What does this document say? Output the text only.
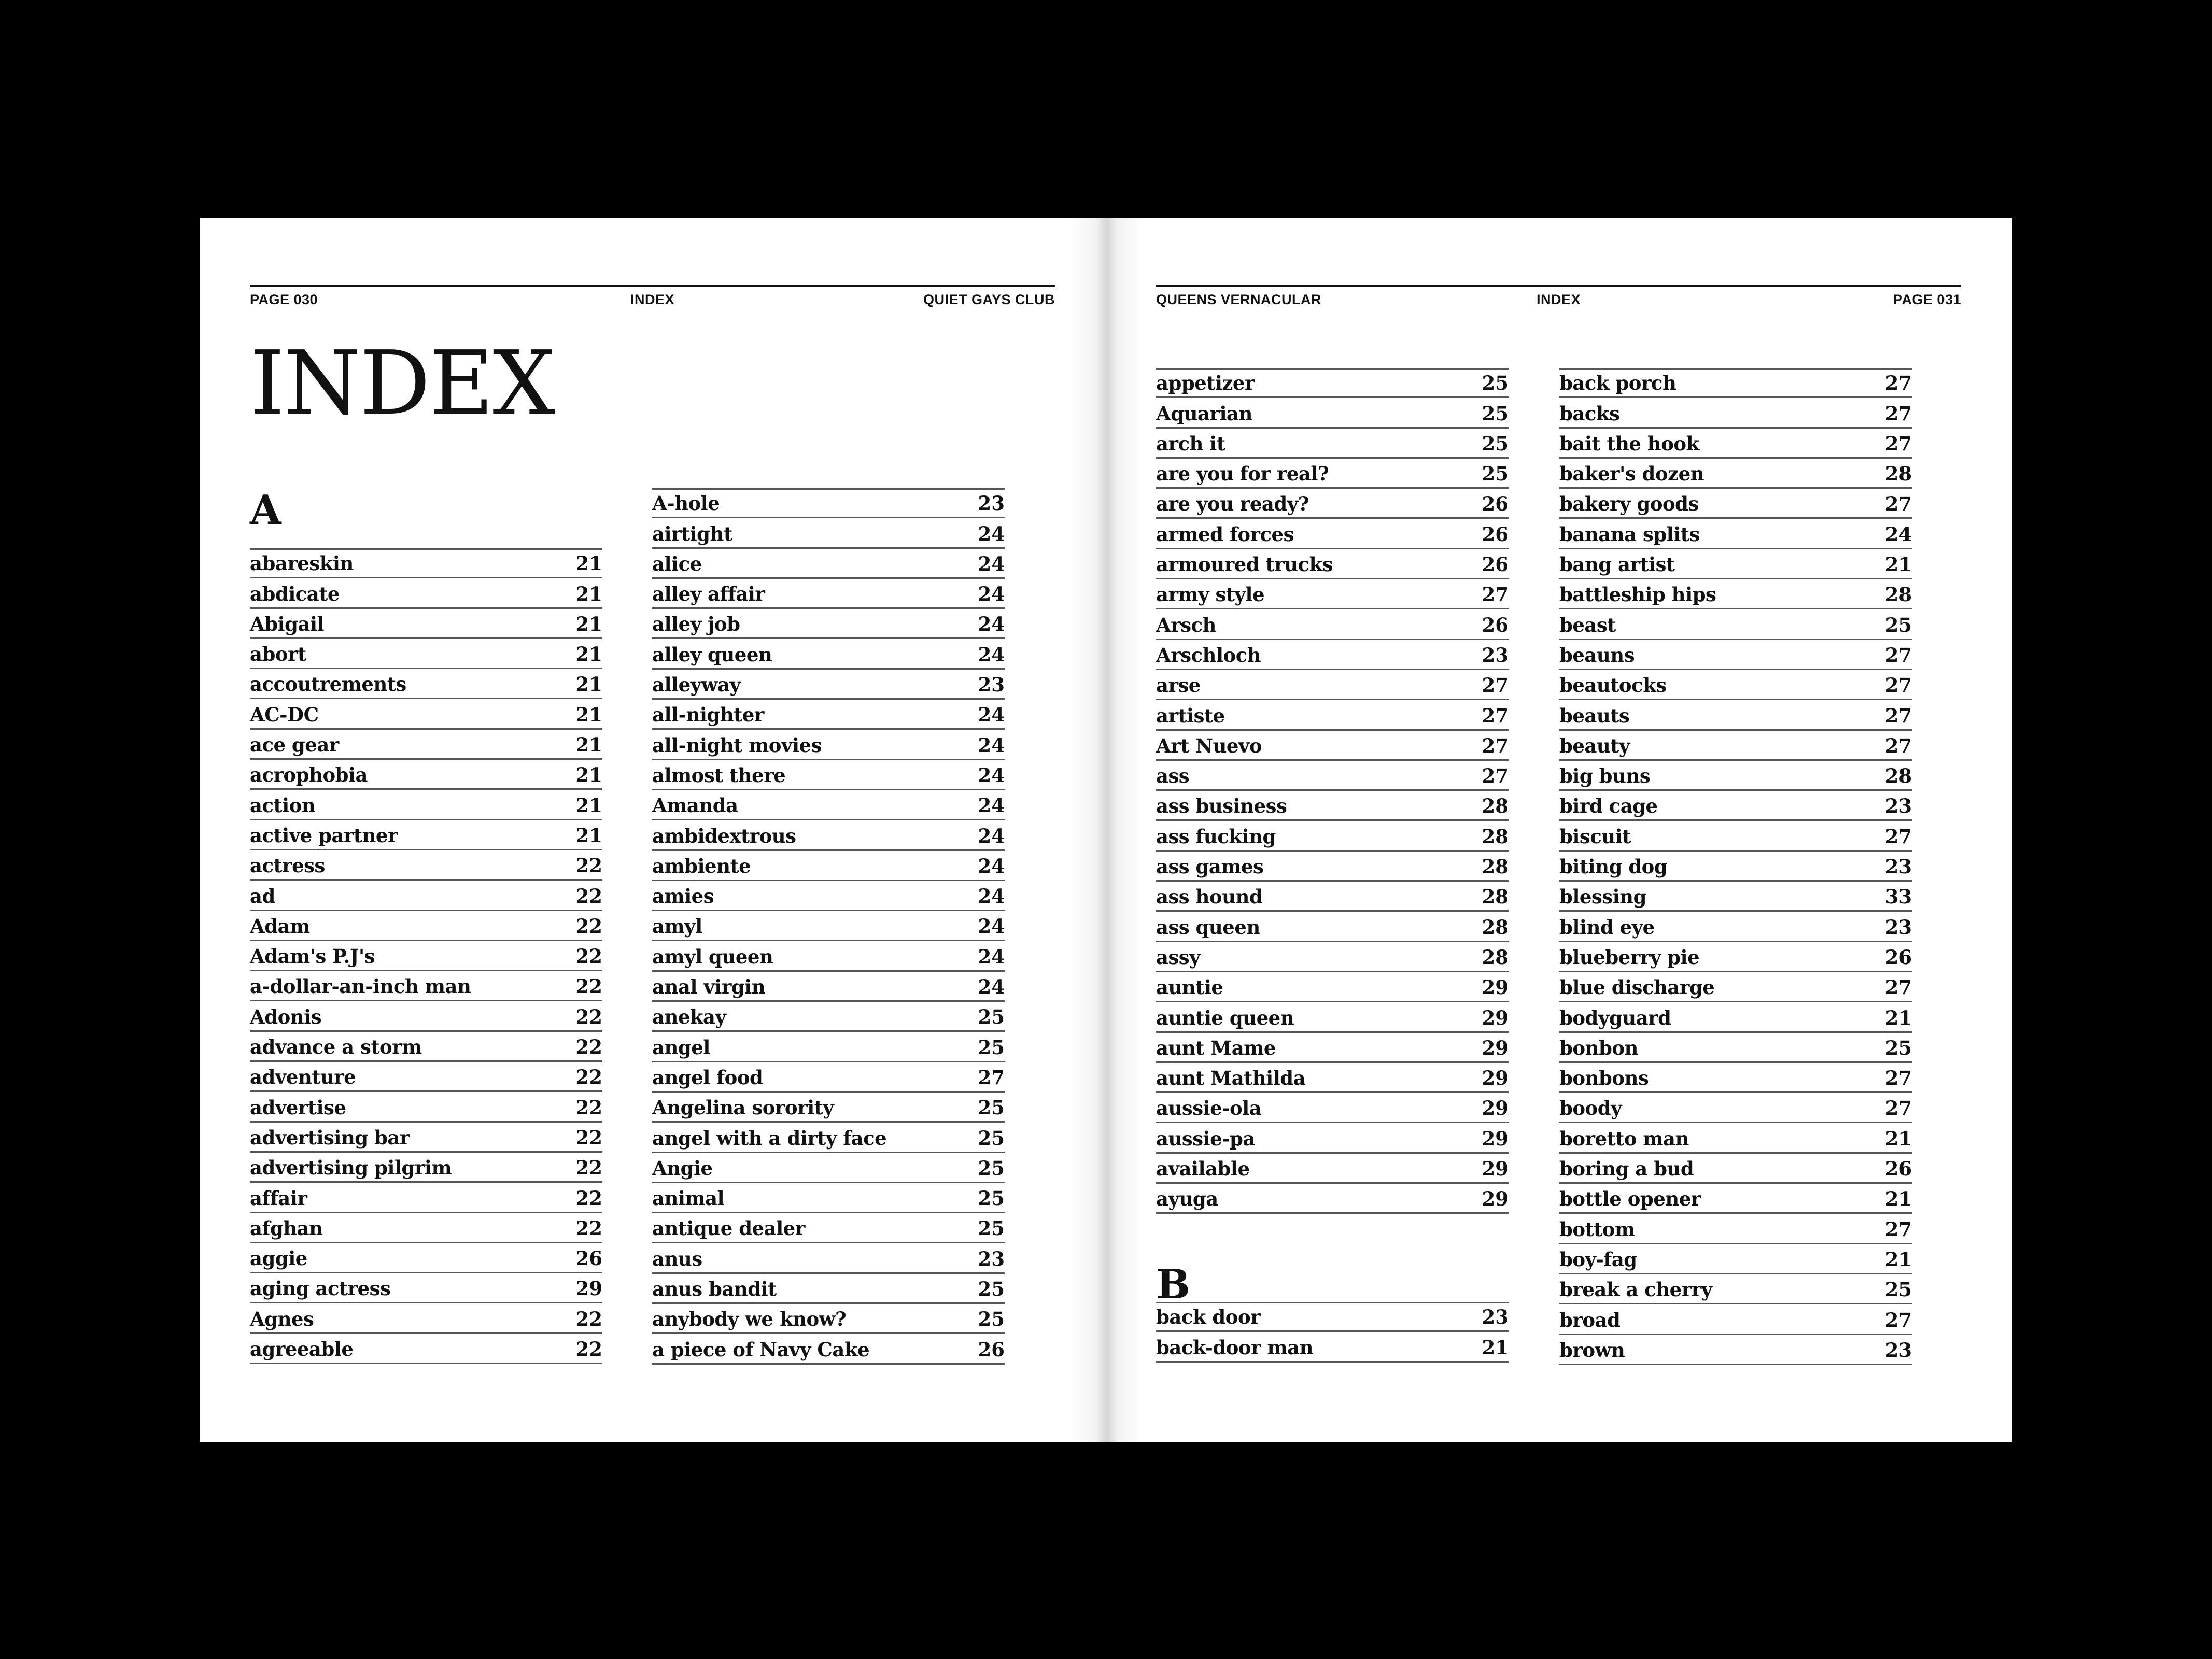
PAGE 030	INDEX	QUIET GAYS CLUB
INDEX
A
abareskin	21
abdicate	21
Abigail	21
abort	21
accoutrements	21
AC-DC	21
ace gear	21
acrophobia	21
action	21
active partner	21
actress	22
ad	22
Adam	22
Adam's P.J's	22
a-dollar-an-inch man	22
Adonis	22
advance a storm	22
adventure	22
advertise	22
advertising bar	22
advertising pilgrim	22
affair	22
afghan	22
aggie	26
aging actress	29
Agnes	22
agreeable	22
A-hole	23
airtight	24
alice	24
alley affair	24
alley job	24
alley queen	24
alleyway	23
all-nighter	24
all-night movies	24
almost there	24
Amanda	24
ambidextrous	24
ambiente	24
amies	24
amyl	24
amyl queen	24
anal virgin	24
anekay	25
angel	25
angel food	27
Angelina sorority	25
angel with a dirty face	25
Angie	25
animal	25
antique dealer	25
anus	23
anus bandit	25
anybody we know?	25
a piece of Navy Cake	26
QUEENS VERNACULAR	INDEX	PAGE 031
appetizer	25
Aquarian	25
arch it	25
are you for real?	25
are you ready?	26
armed forces	26
armoured trucks	26
army style	27
Arsch	26
Arschloch	23
arse	27
artiste	27
Art Nuevo	27
ass	27
ass business	28
ass fucking	28
ass games	28
ass hound	28
ass queen	28
assy	28
auntie	29
auntie queen	29
aunt Mame	29
aunt Mathilda	29
aussie-ola	29
aussie-pa	29
available	29
ayuga	29
B
back door	23
back-door man	21
back porch	27
backs	27
bait the hook	27
baker's dozen	28
bakery goods	27
banana splits	24
bang artist	21
battleship hips	28
beast	25
beauns	27
beautocks	27
beauts	27
beauty	27
big buns	28
bird cage	23
biscuit	27
biting dog	23
blessing	33
blind eye	23
blueberry pie	26
blue discharge	27
bodyguard	21
bonbon	25
bonbons	27
boody	27
boretto man	21
boring a bud	26
bottle opener	21
bottom	27
boy-fag	21
break a cherry	25
broad	27
brown	23
